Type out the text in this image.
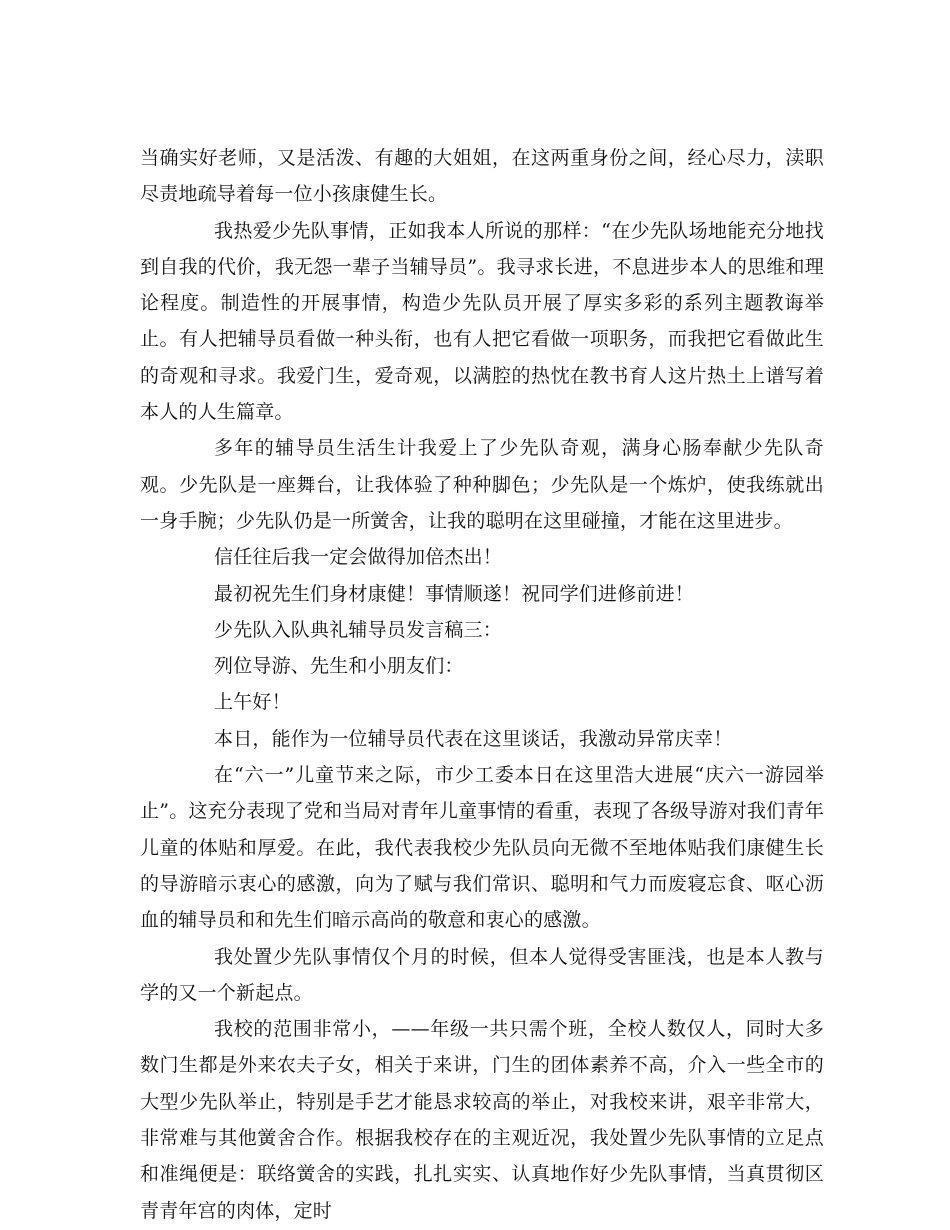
当确实好老师，又是活泼、有趣的大姐姐，在这两重身份之间，经心尽力，渎职尽责地疏导着每一位小孩康健生长。

我热爱少先队事情，正如我本人所说的那样：“在少先队场地能充分地找到自我的代价，我无怨一辈子当辅导员”。我寻求长进，不息进步本人的思维和理论程度。制造性的开展事情，构造少先队员开展了厚实多彩的系列主题教诲举止。有人把辅导员看做一种头衔，也有人把它看做一项职务，而我把它看做此生的奇观和寻求。我爱门生，爱奇观，以满腔的热忱在教书育人这片热土上谱写着本人的人生篇章。

多年的辅导员生活生计我爱上了少先队奇观，满身心肠奉献少先队奇观。少先队是一座舞台，让我体验了种种脚色；少先队是一个炼炉，使我练就出一身手腕；少先队仍是一所黉舍，让我的聪明在这里碰撞，才能在这里进步。

信任往后我一定会做得加倍杰出！

最初祝先生们身材康健！事情顺遂！祝同学们进修前进！

少先队入队典礼辅导员发言稿三：

列位导游、先生和小朋友们：

上午好！

本日，能作为一位辅导员代表在这里谈话，我激动异常庆幸！

在“六一”儿童节来之际，市少工委本日在这里浩大进展“庆六一游园举止”。这充分表现了党和当局对青年儿童事情的看重，表现了各级导游对我们青年儿童的体贴和厚爱。在此，我代表我校少先队员向无微不至地体贴我们康健生长的导游暗示衷心的感激，向为了赋与我们常识、聪明和气力而废寝忘食、呕心沥血的辅导员和和先生们暗示高尚的敬意和衷心的感激。

我处置少先队事情仅个月的时候，但本人觉得受害匪浅，也是本人教与学的又一个新起点。

我校的范围非常小，——年级一共只需个班，全校人数仅人，同时大多数门生都是外来农夫子女，相关于来讲，门生的团体素养不高，介入一些全市的大型少先队举止，特别是手艺才能恳求较高的举止，对我校来讲，艰辛非常大，非常难与其他黉舍合作。根据我校存在的主观近况，我处置少先队事情的立足点和准绳便是：联络黉舍的实践，扎扎实实、认真地作好少先队事情，当真贯彻区青青年宫的肉体，定时
